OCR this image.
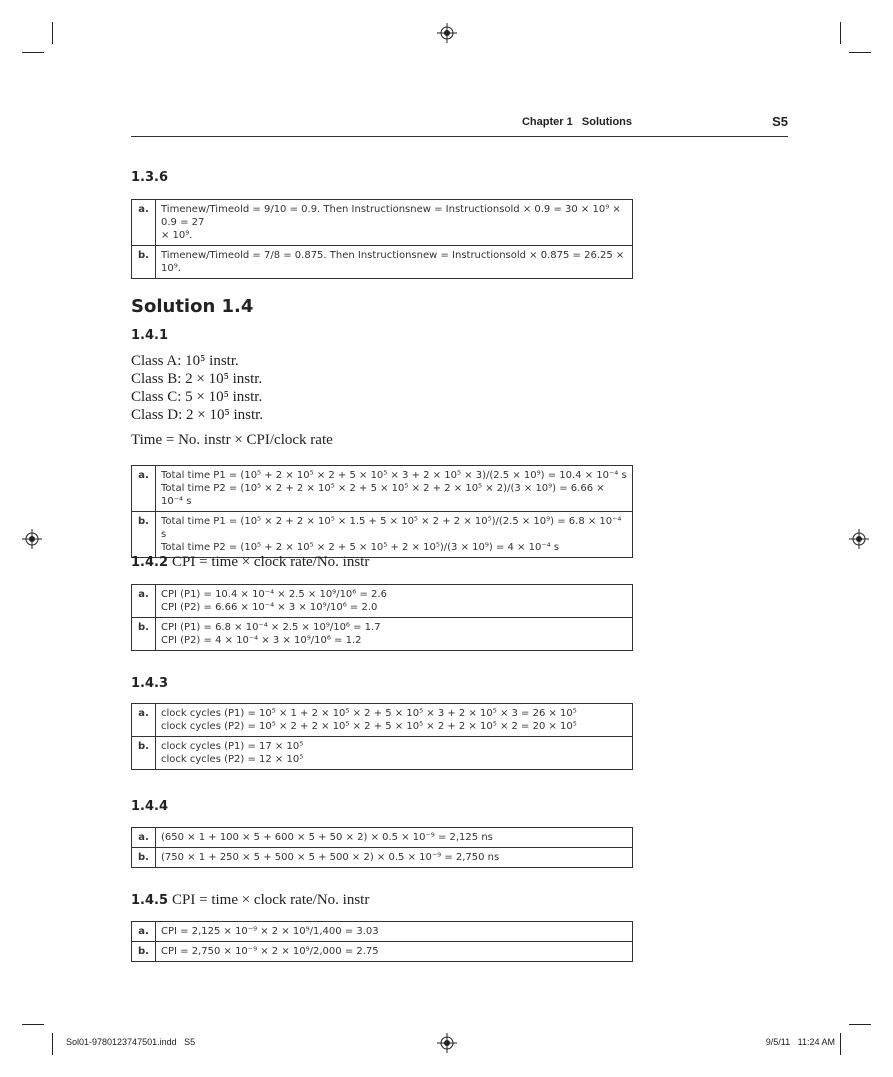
Chapter 1   Solutions	S5
1.3.6
a.	Timenew/Timeold = 9/10 = 0.9. Then Instructionsnew = Instructionsold × 0.9 = 30 × 10⁹ × 0.9 = 27
× 10⁹.

b.	Timenew/Timeold = 7/8 = 0.875. Then Instructionsnew = Instructionsold × 0.875 = 26.25 × 10⁹.
Solution 1.4
1.4.1
Class A: 10⁵ instr.
Class B: 2 × 10⁵ instr.
Class C: 5 × 10⁵ instr.
Class D: 2 × 10⁵ instr.
Time = No. instr × CPI/clock rate
a.	Total time P1 = (10⁵ + 2 × 10⁵ × 2 + 5 × 10⁵ × 3 + 2 × 10⁵ × 3)/(2.5 × 10⁹) = 10.4 × 10⁻⁴ s
Total time P2 = (10⁵ × 2 + 2 × 10⁵ × 2 + 5 × 10⁵ × 2 + 2 × 10⁵ × 2)/(3 × 10⁹) = 6.66 × 10⁻⁴ s

b.	Total time P1 = (10⁵ × 2 + 2 × 10⁵ × 1.5 + 5 × 10⁵ × 2 + 2 × 10⁵)/(2.5 × 10⁹) = 6.8 × 10⁻⁴ s
Total time P2 = (10⁵ + 2 × 10⁵ × 2 + 5 × 10⁵ + 2 × 10⁵)/(3 × 10⁹) = 4 × 10⁻⁴ s
1.4.2 CPI = time × clock rate/No. instr
a.	CPI (P1) = 10.4 × 10⁻⁴ × 2.5 × 10⁹/10⁶ = 2.6
CPI (P2) = 6.66 × 10⁻⁴ × 3 × 10⁹/10⁶ = 2.0

b.	CPI (P1) = 6.8 × 10⁻⁴ × 2.5 × 10⁹/10⁶ = 1.7
CPI (P2) = 4 × 10⁻⁴ × 3 × 10⁹/10⁶ = 1.2
1.4.3
a.	clock cycles (P1) = 10⁵ × 1 + 2 × 10⁵ × 2 + 5 × 10⁵ × 3 + 2 × 10⁵ × 3 = 26 × 10⁵
clock cycles (P2) = 10⁵ × 2 + 2 × 10⁵ × 2 + 5 × 10⁵ × 2 + 2 × 10⁵ × 2 = 20 × 10⁵

b.	clock cycles (P1) = 17 × 10⁵
clock cycles (P2) = 12 × 10⁵
1.4.4
a.	(650 × 1 + 100 × 5 + 600 × 5 + 50 × 2) × 0.5 × 10⁻⁹ = 2,125 ns

b.	(750 × 1 + 250 × 5 + 500 × 5 + 500 × 2) × 0.5 × 10⁻⁹ = 2,750 ns
1.4.5 CPI = time × clock rate/No. instr
a.	CPI = 2,125 × 10⁻⁹ × 2 × 10⁹/1,400 = 3.03

b.	CPI = 2,750 × 10⁻⁹ × 2 × 10⁹/2,000 = 2.75
Sol01-9780123747501.indd   S5	9/5/11   11:24 AM
